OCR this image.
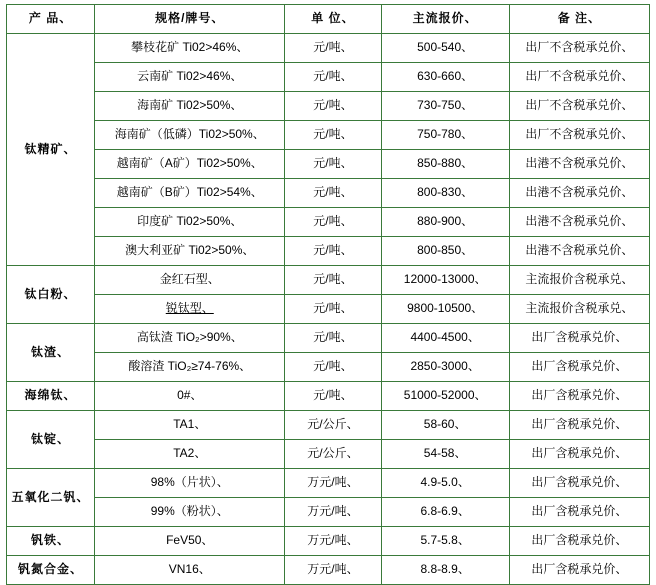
产 品、	规格/牌号、	单 位、	主流报价、	备 注、
钛精矿、	攀枝花矿 Ti02>46%、	元/吨、	500-540、	出厂不含税承兑价、
	云南矿 Ti02>46%、	元/吨、	630-660、	出厂不含税承兑价、
	海南矿 Ti02>50%、	元/吨、	730-750、	出厂不含税承兑价、
	海南矿（低磷）Ti02>50%、	元/吨、	750-780、	出厂不含税承兑价、
	越南矿（A矿）Ti02>50%、	元/吨、	850-880、	出港不含税承兑价、
	越南矿（B矿）Ti02>54%、	元/吨、	800-830、	出港不含税承兑价、
	印度矿 Ti02>50%、	元/吨、	880-900、	出港不含税承兑价、
	澳大利亚矿 Ti02>50%、	元/吨、	800-850、	出港不含税承兑价、
钛白粉、	金红石型、	元/吨、	12000-13000、	主流报价含税承兑、
	锐钛型、	元/吨、	9800-10500、	主流报价含税承兑、
钛渣、	高钛渣 TiO₂>90%、	元/吨、	4400-4500、	出厂含税承兑价、
	酸溶渣 TiO₂≥74-76%、	元/吨、	2850-3000、	出厂含税承兑价、
海绵钛、	0#、	元/吨、	51000-52000、	出厂含税承兑价、
钛锭、	TA1、	元/公斤、	58-60、	出厂含税承兑价、
	TA2、	元/公斤、	54-58、	出厂含税承兑价、
五氧化二钒、	98%（片状）、	万元/吨、	4.9-5.0、	出厂含税承兑价、
	99%（粉状）、	万元/吨、	6.8-6.9、	出厂含税承兑价、
钒铁、	FeV50、	万元/吨、	5.7-5.8、	出厂含税承兑价、
钒氮合金、	VN16、	万元/吨、	8.8-8.9、	出厂含税承兑价、
